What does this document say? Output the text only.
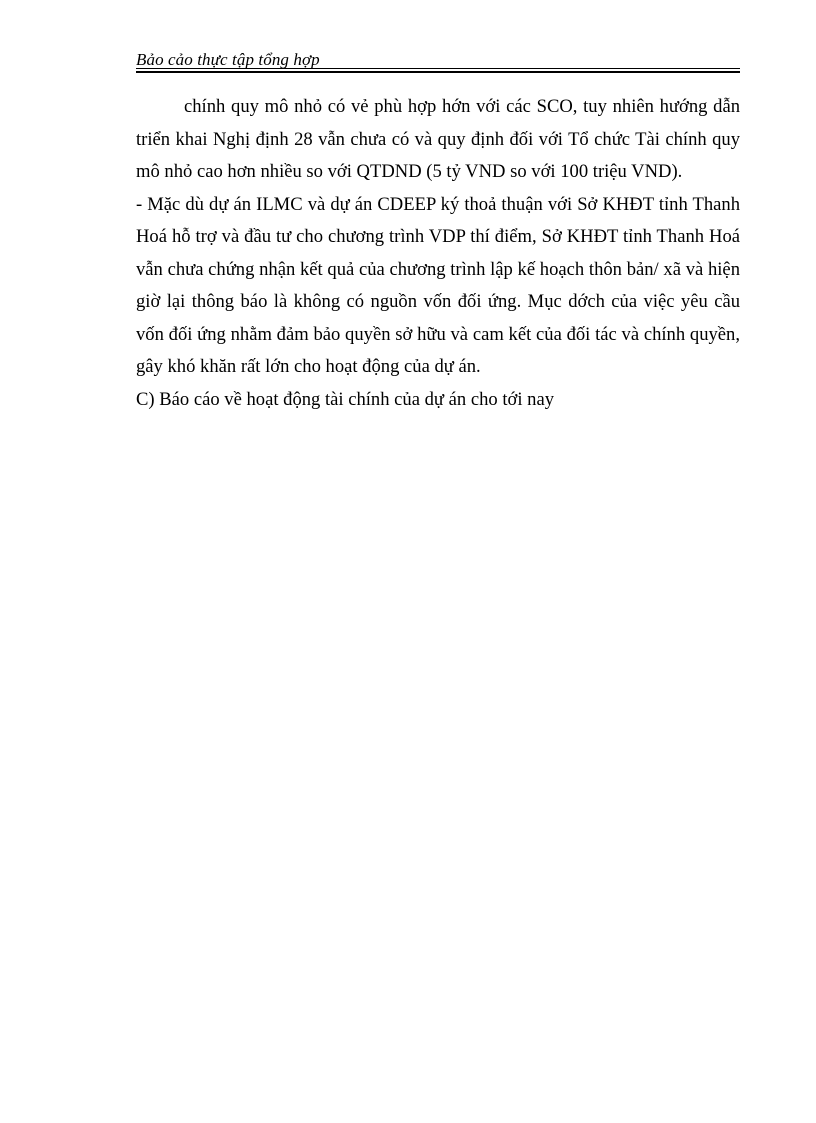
Bảo cảo thực tập tổng hợp

chính quy mô nhỏ có vẻ phù hợp hớn với các SCO, tuy nhiên hướng dẫn triển khai Nghị định 28 vẫn chưa có và quy định đối với Tổ chức Tài chính quy mô nhỏ cao hơn nhiều so với QTDND (5 tỷ VND so với 100 triệu VND).

- Mặc dù dự án ILMC và dự án CDEEP ký thoả thuận với Sở KHĐT tỉnh Thanh Hoá hỗ trợ và đầu tư cho chương trình VDP thí điểm, Sở KHĐT tỉnh Thanh Hoá vẫn chưa chứng nhận kết quả của chương trình lập kế hoạch thôn bản/ xã và hiện giờ lại thông báo là không có nguồn vốn đối ứng. Mục dớch của việc yêu cầu vốn đối ứng nhằm đảm bảo quyền sở hữu và cam kết của đối tác và chính quyền, gây khó khăn rất lớn cho hoạt động của dự án.

C) Báo cáo về hoạt động tài chính của dự án cho tới nay
